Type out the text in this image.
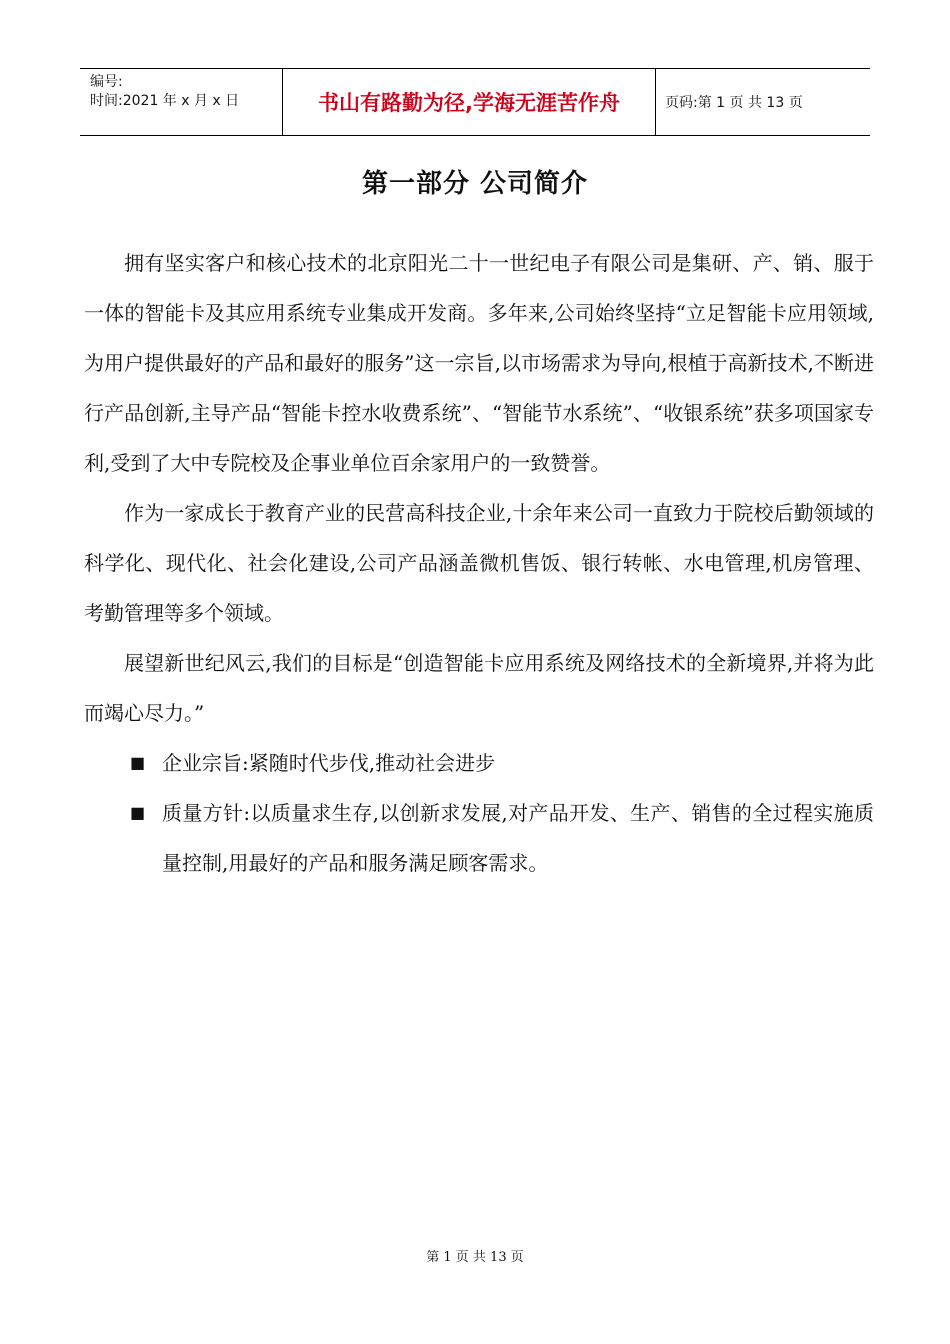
编号:
时间:2021 年 x 月 x 日	书山有路勤为径,学海无涯苦作舟	页码:第 1 页 共 13 页
第一部分 公司简介

拥有坚实客户和核心技术的北京阳光二十一世纪电子有限公司是集研、产、销、服于一体的智能卡及其应用系统专业集成开发商。多年来,公司始终坚持“立足智能卡应用领域,为用户提供最好的产品和最好的服务”这一宗旨,以市场需求为导向,根植于高新技术,不断进行产品创新,主导产品“智能卡控水收费系统”、“智能节水系统”、“收银系统”获多项国家专利,受到了大中专院校及企事业单位百余家用户的一致赞誉。

作为一家成长于教育产业的民营高科技企业,十余年来公司一直致力于院校后勤领域的科学化、现代化、社会化建设,公司产品涵盖微机售饭、银行转帐、水电管理,机房管理、考勤管理等多个领域。

展望新世纪风云,我们的目标是“创造智能卡应用系统及网络技术的全新境界,并将为此而竭心尽力。”

■ 企业宗旨:紧随时代步伐,推动社会进步
■ 质量方针:以质量求生存,以创新求发展,对产品开发、生产、销售的全过程实施质量控制,用最好的产品和服务满足顾客需求。
第 1 页 共 13 页
